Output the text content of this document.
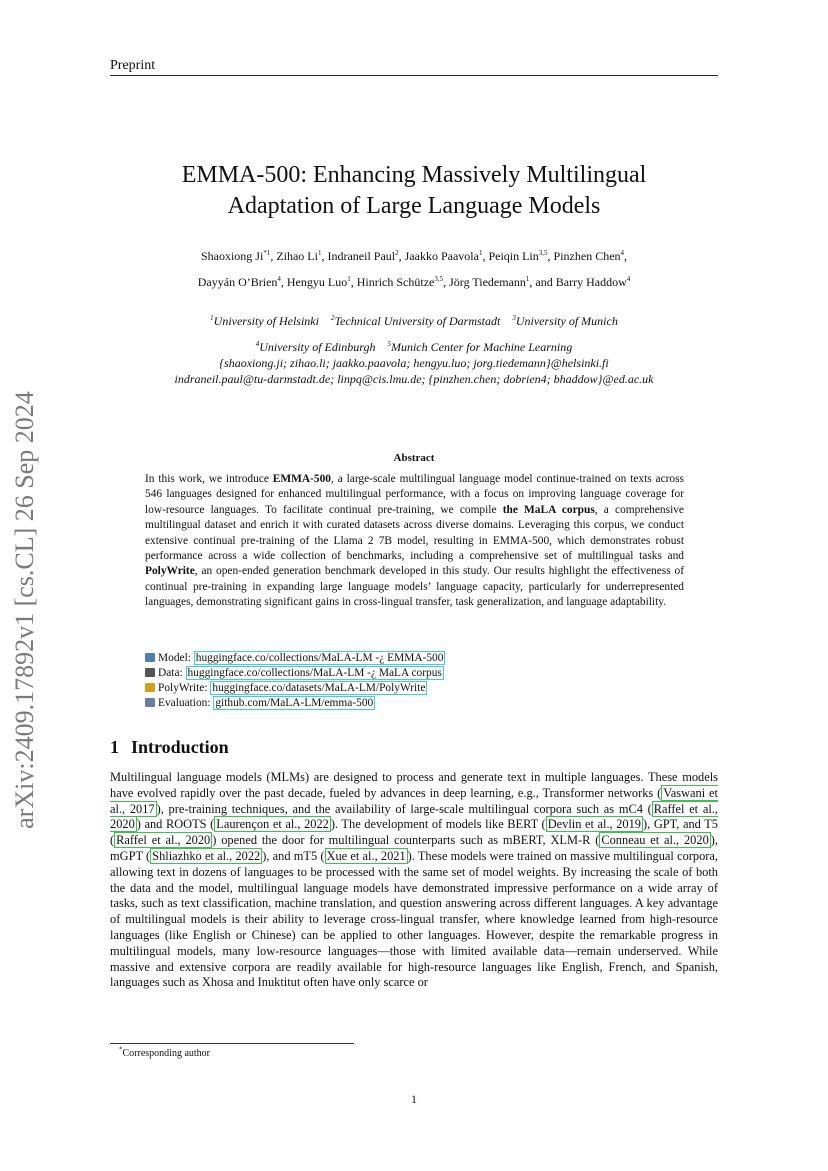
Preprint
arXiv:2409.17892v1 [cs.CL] 26 Sep 2024
EMMA-500: Enhancing Massively Multilingual
Adaptation of Large Language Models
Shaoxiong Ji$^{*1}$, Zihao Li$^1$, Indraneil Paul$^2$, Jaakko Paavola$^1$, Peiqin Lin$^{3,5}$, Pinzhen Chen$^4$,
Dayyán O’Brien$^4$, Hengyu Luo$^1$, Hinrich Schütze$^{3,5}$, Jörg Tiedemann$^1$, and Barry Haddow$^4$
$^1$University of Helsinki $^2$Technical University of Darmstadt $^3$University of Munich
$^4$University of Edinburgh $^5$Munich Center for Machine Learning
{shaoxiong.ji; zihao.li; jaakko.paavola; hengyu.luo; jorg.tiedemann}@helsinki.fi
indraneil.paul@tu-darmstadt.de; linpq@cis.lmu.de; {pinzhen.chen; dobrien4; bhaddow}@ed.ac.uk
Abstract
In this work, we introduce EMMA-500, a large-scale multilingual language model continue-trained on texts across 546 languages designed for enhanced multilingual performance, with a focus on improving language coverage for low-resource languages. To facilitate continual pre-training, we compile the MaLA corpus, a comprehensive multilingual dataset and enrich it with curated datasets across diverse domains. Leveraging this corpus, we conduct extensive continual pre-training of the Llama 2 7B model, resulting in EMMA-500, which demonstrates robust performance across a wide collection of benchmarks, including a comprehensive set of multilingual tasks and PolyWrite, an open-ended generation benchmark developed in this study. Our results highlight the effectiveness of continual pre-training in expanding large language models’ language capacity, particularly for underrepresented languages, demonstrating significant gains in cross-lingual transfer, task generalization, and language adaptability.
Model: huggingface.co/collections/MaLA-LM -¿ EMMA-500
Data: huggingface.co/collections/MaLA-LM -¿ MaLA corpus
PolyWrite: huggingface.co/datasets/MaLA-LM/PolyWrite
Evaluation: github.com/MaLA-LM/emma-500
1 Introduction
Multilingual language models (MLMs) are designed to process and generate text in multiple languages. These models have evolved rapidly over the past decade, fueled by advances in deep learning, e.g., Transformer networks ( Vaswani et al., 2017 ), pre-training techniques, and the availability of large-scale multilingual corpora such as mC4 ( Raffel et al., 2020 ) and ROOTS ( Laurençon et al., 2022 ). The development of models like BERT ( Devlin et al., 2019 ), GPT, and T5 ( Raffel et al., 2020 ) opened the door for multilingual counterparts such as mBERT, XLM-R ( Conneau et al., 2020 ), mGPT ( Shliazhko et al., 2022 ), and mT5 ( Xue et al., 2021 ). These models were trained on massive multilingual corpora, allowing text in dozens of languages to be processed with the same set of model weights. By increasing the scale of both the data and the model, multilingual language models have demonstrated impressive performance on a wide array of tasks, such as text classification, machine translation, and question answering across different languages. A key advantage of multilingual models is their ability to leverage cross-lingual transfer, where knowledge learned from high-resource languages (like English or Chinese) can be applied to other languages. However, despite the remarkable progress in multilingual models, many low-resource languages—those with limited available data—remain underserved. While massive and extensive corpora are readily available for high-resource languages like English, French, and Spanish, languages such as Xhosa and Inuktitut often have only scarce or
*Corresponding author
1
